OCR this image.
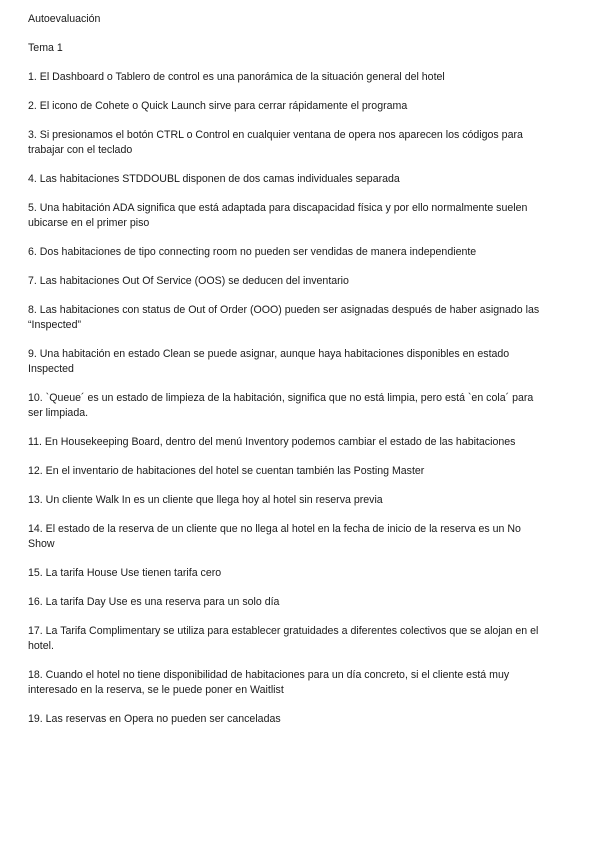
Autoevaluación

Tema 1

1. El Dashboard o Tablero de control es una panorámica de la situación general del hotel

2. El icono de Cohete o Quick Launch sirve para cerrar rápidamente el programa

3. Si presionamos el botón CTRL o Control en cualquier ventana de opera nos aparecen los códigos para trabajar con el teclado

4. Las habitaciones STDDOUBL disponen de dos camas individuales separada

5. Una habitación ADA significa que está adaptada para discapacidad física y por ello normalmente suelen ubicarse en el primer piso

6. Dos habitaciones de tipo connecting room no pueden ser vendidas de manera independiente

7. Las habitaciones Out Of Service (OOS) se deducen del inventario

8. Las habitaciones con status de Out of Order (OOO) pueden ser asignadas después de haber asignado las “Inspected”

9. Una habitación en estado Clean se puede asignar, aunque haya habitaciones disponibles en estado Inspected

10. `Queue´ es un estado de limpieza de la habitación, significa que no está limpia, pero está `en cola´ para ser limpiada.

11. En Housekeeping Board, dentro del menú Inventory podemos cambiar el estado de las habitaciones

12. En el inventario de habitaciones del hotel se cuentan también las Posting Master

13. Un cliente Walk In es un cliente que llega hoy al hotel sin reserva previa

14. El estado de la reserva de un cliente que no llega al hotel en la fecha de inicio de la reserva es un No Show

15. La tarifa House Use tienen tarifa cero

16. La tarifa Day Use es una reserva para un solo día

17. La Tarifa Complimentary se utiliza para establecer gratuidades a diferentes colectivos que se alojan en el hotel.

18. Cuando el hotel no tiene disponibilidad de habitaciones para un día concreto, si el cliente está muy interesado en la reserva, se le puede poner en Waitlist

19. Las reservas en Opera no pueden ser canceladas
